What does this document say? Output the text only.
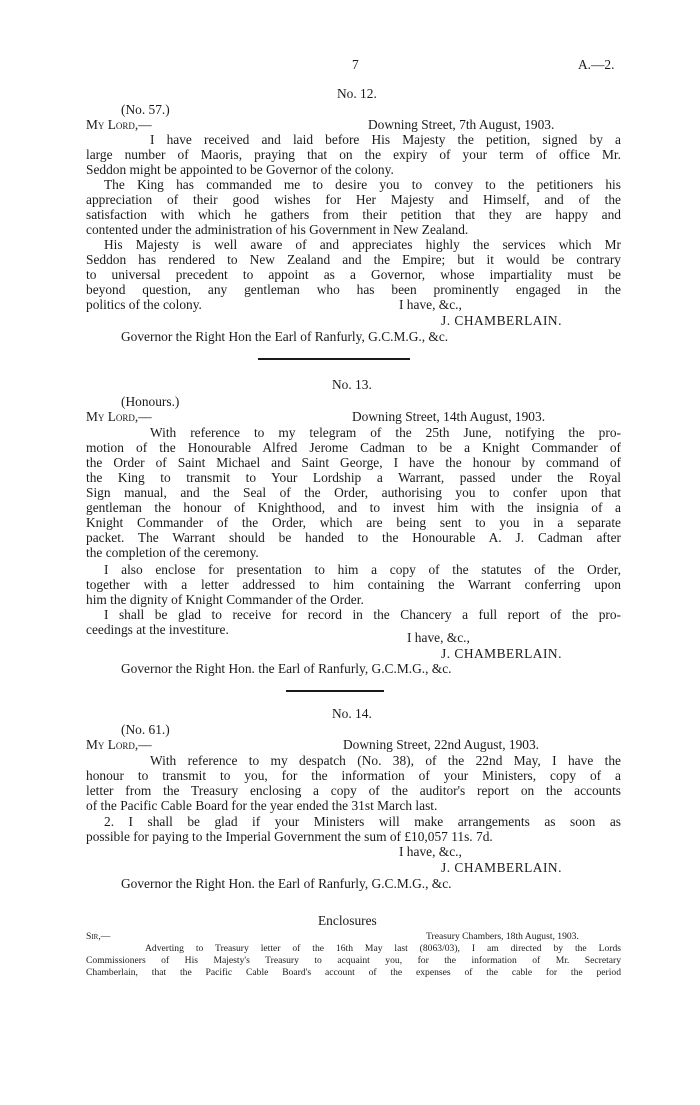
7	A.—2.
No. 12.
(No. 57.)
My Lord,—	Downing Street, 7th August, 1903.
I have received and laid before His Majesty the petition, signed by a
large number of Maoris, praying that on the expiry of your term of office Mr.
Seddon might be appointed to be Governor of the colony.
The King has commanded me to desire you to convey to the petitioners his
appreciation of their good wishes for Her Majesty and Himself, and of the
satisfaction with which he gathers from their petition that they are happy and
contented under the administration of his Government in New Zealand.
His Majesty is well aware of and appreciates highly the services which Mr
Seddon has rendered to New Zealand and the Empire; but it would be contrary
to universal precedent to appoint as a Governor, whose impartiality must be
beyond question, any gentleman who has been prominently engaged in the
politics of the colony.	I have, &c.,
J. CHAMBERLAIN.
Governor the Right Hon the Earl of Ranfurly, G.C.M.G., &c.
No. 13.
(Honours.)
My Lord,—	Downing Street, 14th August, 1903.
With reference to my telegram of the 25th June, notifying the pro-
motion of the Honourable Alfred Jerome Cadman to be a Knight Commander of
the Order of Saint Michael and Saint George, I have the honour by command of
the King to transmit to Your Lordship a Warrant, passed under the Royal
Sign manual, and the Seal of the Order, authorising you to confer upon that
gentleman the honour of Knighthood, and to invest him with the insignia of a
Knight Commander of the Order, which are being sent to you in a separate
packet. The Warrant should be handed to the Honourable A. J. Cadman after
the completion of the ceremony.
I also enclose for presentation to him a copy of the statutes of the Order,
together with a letter addressed to him containing the Warrant conferring upon
him the dignity of Knight Commander of the Order.
I shall be glad to receive for record in the Chancery a full report of the pro-
ceedings at the investiture.
I have, &c.,
J. CHAMBERLAIN.
Governor the Right Hon. the Earl of Ranfurly, G.C.M.G., &c.
No. 14.
(No. 61.)
My Lord,—	Downing Street, 22nd August, 1903.
With reference to my despatch (No. 38), of the 22nd May, I have the
honour to transmit to you, for the information of your Ministers, copy of a
letter from the Treasury enclosing a copy of the auditor's report on the accounts
of the Pacific Cable Board for the year ended the 31st March last.
2. I shall be glad if your Ministers will make arrangements as soon as
possible for paying to the Imperial Government the sum of £10,057 11s. 7d.
I have, &c.,
J. CHAMBERLAIN.
Governor the Right Hon. the Earl of Ranfurly, G.C.M.G., &c.
Enclosures
Sir,—	Treasury Chambers, 18th August, 1903.
Adverting to Treasury letter of the 16th May last (8063/03), I am directed by the Lords
Commissioners of His Majesty's Treasury to acquaint you, for the information of Mr. Secretary
Chamberlain, that the Pacific Cable Board's account of the expenses of the cable for the period
